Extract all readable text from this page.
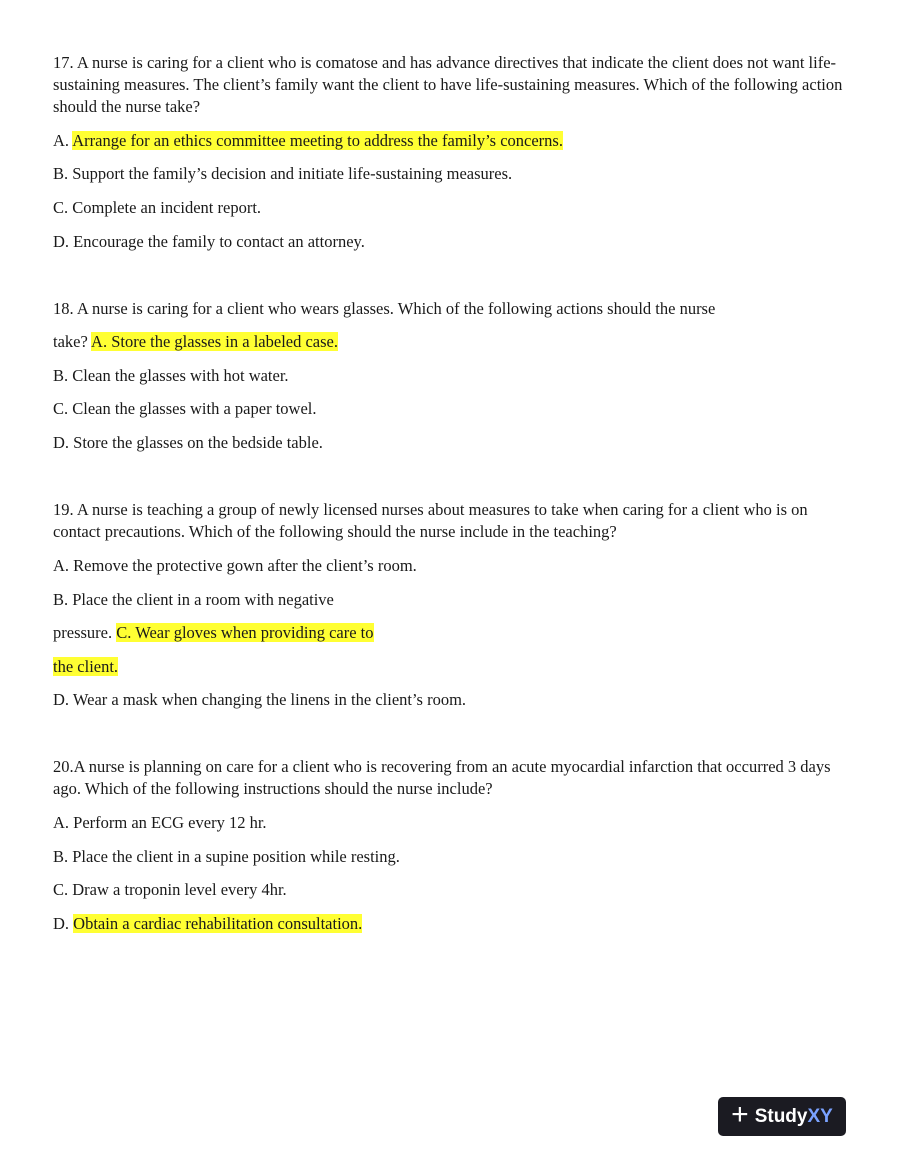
17. A nurse is caring for a client who is comatose and has advance directives that indicate the client does not want life-sustaining measures. The client’s family want the client to have life-sustaining measures. Which of the following action should the nurse take?
A. Arrange for an ethics committee meeting to address the family’s concerns.
B. Support the family’s decision and initiate life-sustaining measures.
C. Complete an incident report.
D. Encourage the family to contact an attorney.
18. A nurse is caring for a client who wears glasses. Which of the following actions should the nurse
take? A. Store the glasses in a labeled case.
B. Clean the glasses with hot water.
C. Clean the glasses with a paper towel.
D. Store the glasses on the bedside table.
19. A nurse is teaching a group of newly licensed nurses about measures to take when caring for a client who is on contact precautions. Which of the following should the nurse include in the teaching?
A. Remove the protective gown after the client’s room.
B. Place the client in a room with negative
pressure. C. Wear gloves when providing care to
the client.
D. Wear a mask when changing the linens in the client’s room.
20.A nurse is planning on care for a client who is recovering from an acute myocardial infarction that occurred 3 days ago. Which of the following instructions should the nurse include?
A. Perform an ECG every 12 hr.
B. Place the client in a supine position while resting.
C. Draw a troponin level every 4hr.
D. Obtain a cardiac rehabilitation consultation.
+ Study XY
